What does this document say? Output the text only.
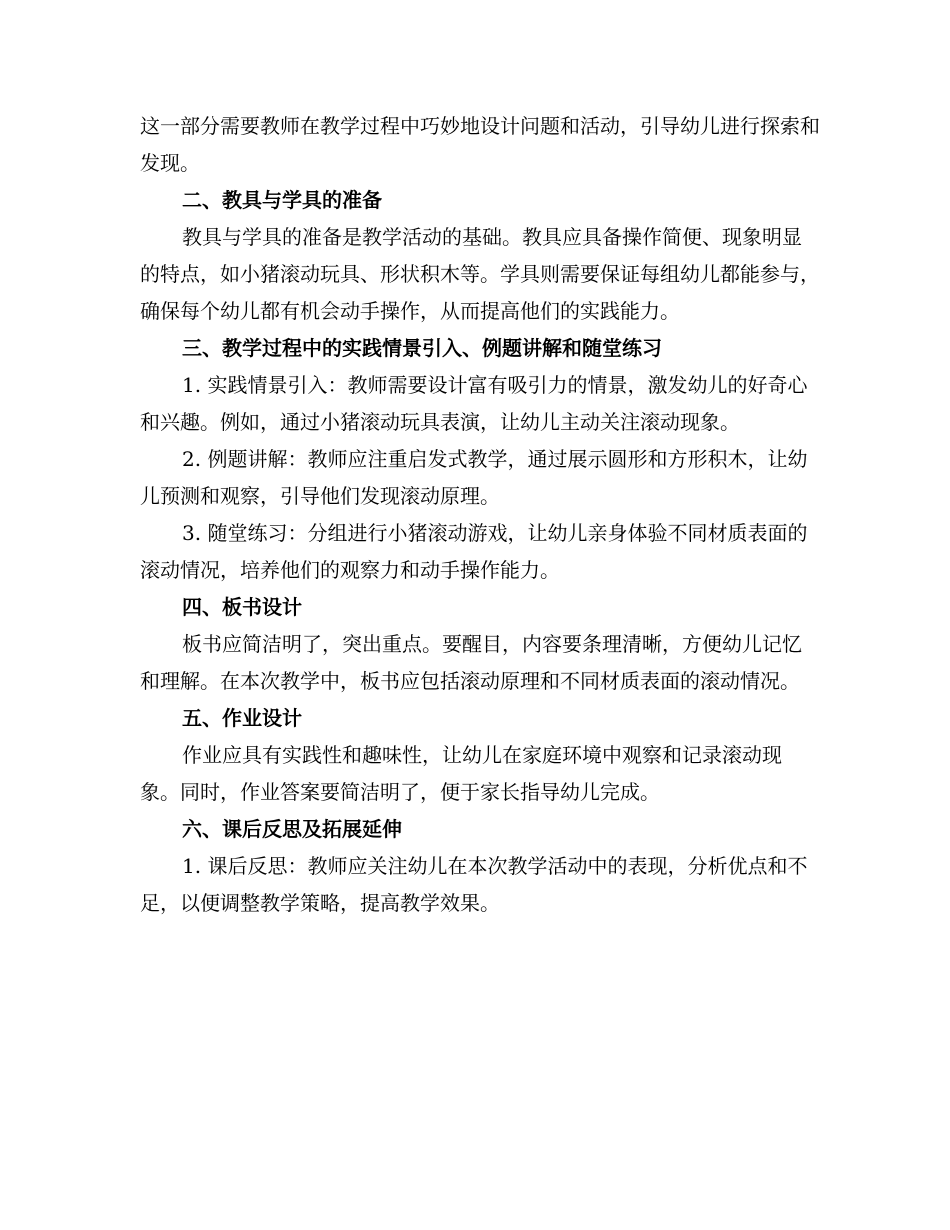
这一部分需要教师在教学过程中巧妙地设计问题和活动，引导幼儿进行探索和发现。

二、教具与学具的准备

教具与学具的准备是教学活动的基础。教具应具备操作简便、现象明显的特点，如小猪滚动玩具、形状积木等。学具则需要保证每组幼儿都能参与，确保每个幼儿都有机会动手操作，从而提高他们的实践能力。

三、教学过程中的实践情景引入、例题讲解和随堂练习

1. 实践情景引入：教师需要设计富有吸引力的情景，激发幼儿的好奇心和兴趣。例如，通过小猪滚动玩具表演，让幼儿主动关注滚动现象。

2. 例题讲解：教师应注重启发式教学，通过展示圆形和方形积木，让幼儿预测和观察，引导他们发现滚动原理。

3. 随堂练习：分组进行小猪滚动游戏，让幼儿亲身体验不同材质表面的滚动情况，培养他们的观察力和动手操作能力。

四、板书设计

板书应简洁明了，突出重点。要醒目，内容要条理清晰，方便幼儿记忆和理解。在本次教学中，板书应包括滚动原理和不同材质表面的滚动情况。

五、作业设计

作业应具有实践性和趣味性，让幼儿在家庭环境中观察和记录滚动现象。同时，作业答案要简洁明了，便于家长指导幼儿完成。

六、课后反思及拓展延伸

1. 课后反思：教师应关注幼儿在本次教学活动中的表现，分析优点和不足，以便调整教学策略，提高教学效果。
